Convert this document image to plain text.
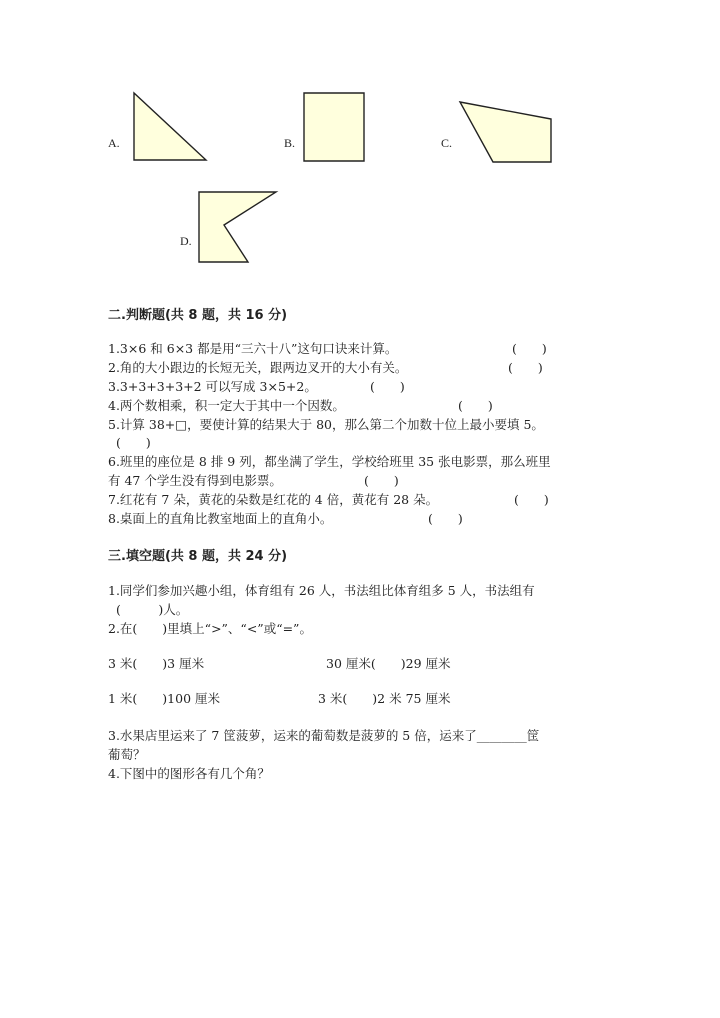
A.	B.	C.
D.
二.判断题(共 8 题，共 16 分)
1.3×6 和 6×3 都是用“三六十八”这句口诀来计算。	(　　)
2.角的大小跟边的长短无关，跟两边叉开的大小有关。	(　　)
3.3+3+3+3+2 可以写成 3×5+2。	(　　)
4.两个数相乘，积一定大于其中一个因数。	(　　)
5.计算 38+□，要使计算的结果大于 80，那么第二个加数十位上最小要填 5。
(　　)
6.班里的座位是 8 排 9 列，都坐满了学生，学校给班里 35 张电影票，那么班里
有 47 个学生没有得到电影票。	(　　)
7.红花有 7 朵，黄花的朵数是红花的 4 倍，黄花有 28 朵。	(　　)
8.桌面上的直角比教室地面上的直角小。	(　　)
三.填空题(共 8 题，共 24 分)
1.同学们参加兴趣小组，体育组有 26 人，书法组比体育组多 5 人，书法组有
(　　　)人。
2.在(　　)里填上“>”、“<”或“=”。
3 米(　　)3 厘米	30 厘米(　　)29 厘米
1 米(　　)100 厘米	3 米(　　)2 米 75 厘米
3.水果店里运来了 7 筐菠萝，运来的葡萄数是菠萝的 5 倍，运来了________筐
葡萄？
4.下图中的图形各有几个角？
